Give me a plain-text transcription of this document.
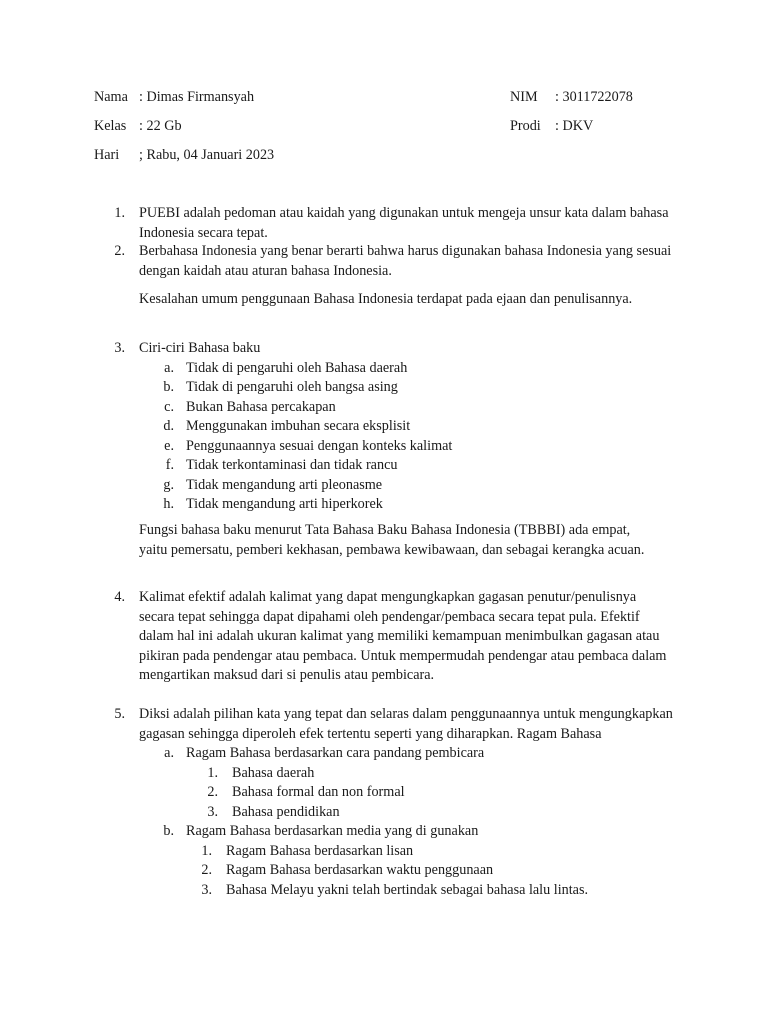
Nama : Dimas Firmansyah
Kelas : 22 Gb
Hari ; Rabu, 04 Januari 2023
NIM : 3011722078
Prodi : DKV
1. PUEBI adalah pedoman atau kaidah yang digunakan untuk mengeja unsur kata dalam bahasa Indonesia secara tepat.
2. Berbahasa Indonesia yang benar berarti bahwa harus digunakan bahasa Indonesia yang sesuai dengan kaidah atau aturan bahasa Indonesia.
Kesalahan umum penggunaan Bahasa Indonesia terdapat pada ejaan dan penulisannya.
3. Ciri-ciri Bahasa baku
a. Tidak di pengaruhi oleh Bahasa daerah
b. Tidak di pengaruhi oleh bangsa asing
c. Bukan Bahasa percakapan
d. Menggunakan imbuhan secara eksplisit
e. Penggunaannya sesuai dengan konteks kalimat
f. Tidak terkontaminasi dan tidak rancu
g. Tidak mengandung arti pleonasme
h. Tidak mengandung arti hiperkorek
Fungsi bahasa baku menurut Tata Bahasa Baku Bahasa Indonesia (TBBBI) ada empat, yaitu pemersatu, pemberi kekhasan, pembawa kewibawaan, dan sebagai kerangka acuan.
4. Kalimat efektif adalah kalimat yang dapat mengungkapkan gagasan penutur/penulisnya secara tepat sehingga dapat dipahami oleh pendengar/pembaca secara tepat pula. Efektif dalam hal ini adalah ukuran kalimat yang memiliki kemampuan menimbulkan gagasan atau pikiran pada pendengar atau pembaca. Untuk mempermudah pendengar atau pembaca dalam mengartikan maksud dari si penulis atau pembicara.
5. Diksi adalah pilihan kata yang tepat dan selaras dalam penggunaannya untuk mengungkapkan gagasan sehingga diperoleh efek tertentu seperti yang diharapkan. Ragam Bahasa
a. Ragam Bahasa berdasarkan cara pandang pembicara
1. Bahasa daerah
2. Bahasa formal dan non formal
3. Bahasa pendidikan
b. Ragam Bahasa berdasarkan media yang di gunakan
1. Ragam Bahasa berdasarkan lisan
2. Ragam Bahasa berdasarkan waktu penggunaan
3. Bahasa Melayu yakni telah bertindak sebagai bahasa lalu lintas.
